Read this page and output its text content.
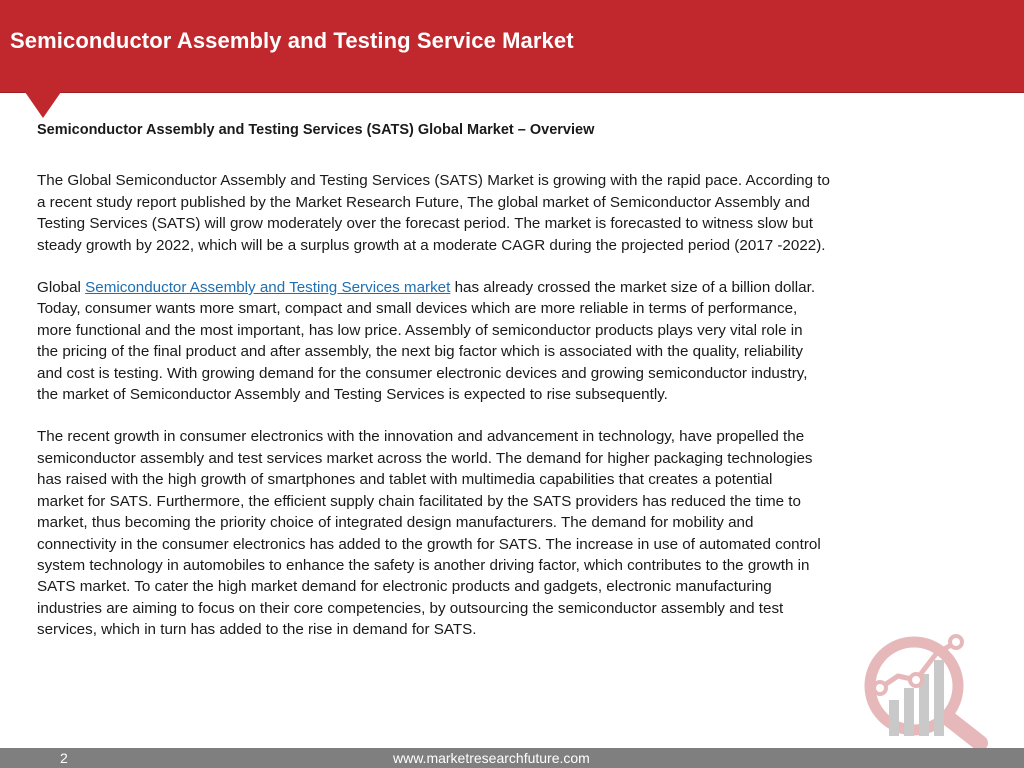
Semiconductor Assembly and Testing Service Market

Semiconductor Assembly and Testing Services (SATS) Global Market – Overview

The Global Semiconductor Assembly and Testing Services (SATS) Market is growing with the rapid pace. According to
a recent study report published by the Market Research Future, The global market of Semiconductor Assembly and
Testing Services (SATS) will grow moderately over the forecast period. The market is forecasted to witness slow but
steady growth by 2022, which will be a surplus growth at a moderate CAGR during the projected period (2017 -2022).

Global Semiconductor Assembly and Testing Services market has already crossed the market size of a billion dollar.
Today, consumer wants more smart, compact and small devices which are more reliable in terms of performance,
more functional and the most important, has low price. Assembly of semiconductor products plays very vital role in
the pricing of the final product and after assembly, the next big factor which is associated with the quality, reliability
and cost is testing. With growing demand for the consumer electronic devices and growing semiconductor industry,
the market of Semiconductor Assembly and Testing Services is expected to rise subsequently.

The recent growth in consumer electronics with the innovation and advancement in technology, have propelled the
semiconductor assembly and test services market across the world. The demand for higher packaging technologies
has raised with the high growth of smartphones and tablet with multimedia capabilities that creates a potential
market for SATS. Furthermore, the efficient supply chain facilitated by the SATS providers has reduced the time to
market, thus becoming the priority choice of integrated design manufacturers. The demand for mobility and
connectivity in the consumer electronics has added to the growth for SATS. The increase in use of automated control
system technology in automobiles to enhance the safety is another driving factor, which contributes to the growth in
SATS market. To cater the high market demand for electronic products and gadgets, electronic manufacturing
industries are aiming to focus on their core competencies, by outsourcing the semiconductor assembly and test
services, which in turn has added to the rise in demand for SATS.

2	www.marketresearchfuture.com
